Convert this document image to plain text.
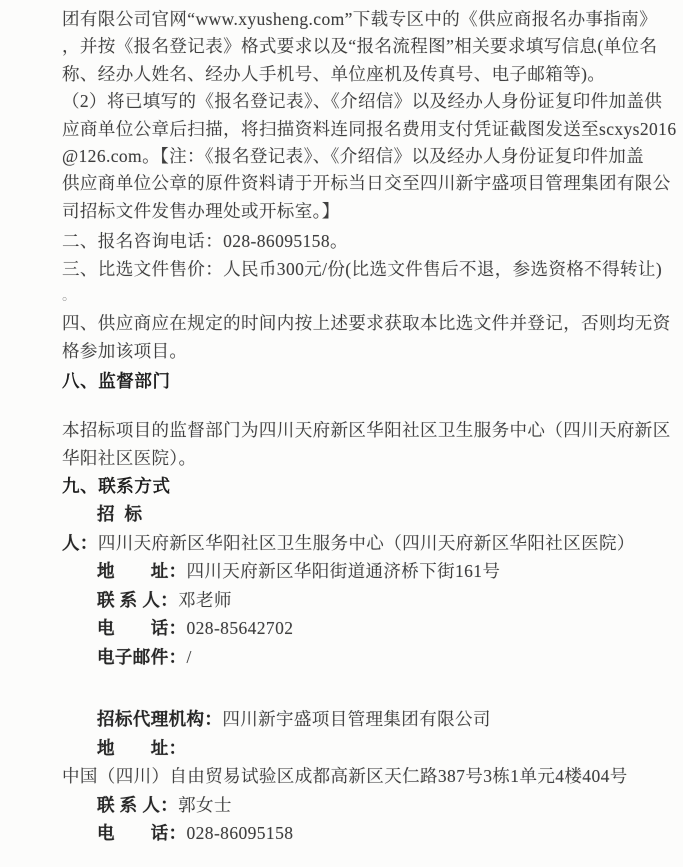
团有限公司官网“www.xyusheng.com”下载专区中的《供应商报名办事指南》
，并按《报名登记表》格式要求以及“报名流程图”相关要求填写信息(单位名
称、经办人姓名、经办人手机号、单位座机及传真号、电子邮箱等)。
（2）将已填写的《报名登记表》、《介绍信》以及经办人身份证复印件加盖供
应商单位公章后扫描，将扫描资料连同报名费用支付凭证截图发送至scxys2016
@126.com。【注：《报名登记表》、《介绍信》以及经办人身份证复印件加盖
供应商单位公章的原件资料请于开标当日交至四川新宇盛项目管理集团有限公
司招标文件发售办理处或开标室。】
二、报名咨询电话：028-86095158。
三、比选文件售价：人民币300元/份(比选文件售后不退，参选资格不得转让)
。
四、供应商应在规定的时间内按上述要求获取本比选文件并登记，否则均无资
格参加该项目。
八、监督部门
本招标项目的监督部门为四川天府新区华阳社区卫生服务中心（四川天府新区
华阳社区医院）。
九、联系方式
招  标
人：四川天府新区华阳社区卫生服务中心（四川天府新区华阳社区医院）
地　　址：四川天府新区华阳街道通济桥下街161号
联 系 人：邓老师
电　　话：028-85642702
电子邮件：/
招标代理机构：四川新宇盛项目管理集团有限公司
地　　址：
中国（四川）自由贸易试验区成都高新区天仁路387号3栋1单元4楼404号
联 系 人：郭女士
电　　话：028-86095158
